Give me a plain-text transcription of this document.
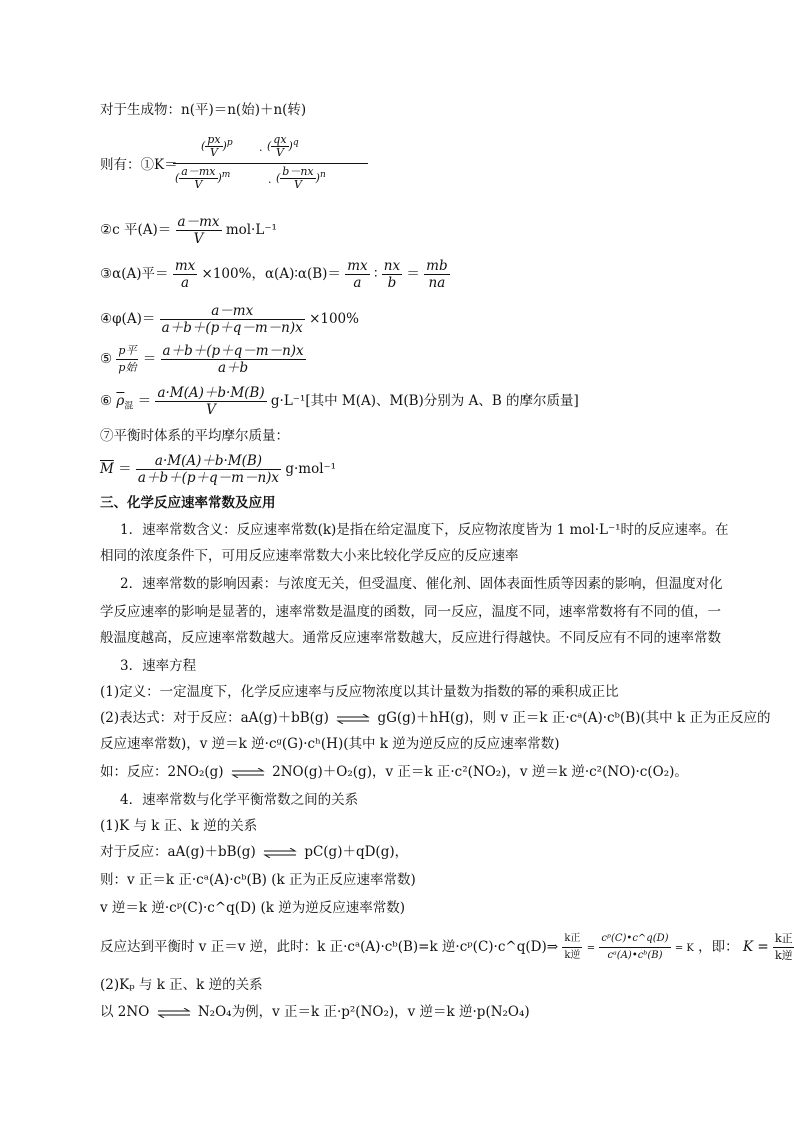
对于生成物：n(平)＝n(始)＋n(转)
则有：①K＝
( $\frac{px}{V} )^p$
· ( $\frac{qx}{V} )^q$
( $\frac{a-mx}{V} )^m$
· ( $\frac{b-nx}{V} )^n$
②c 平$(A)= \frac{a-mx}{V} mol\cdot L^{-1}$
③α(A)平＝ $\frac{mx}{a} \times 100\%$，α(A)∶α(B)＝ $\frac{mx}{a}$ ∶ $\frac{nx}{b} = \frac{mb}{na}$
④φ(A)＝ $\frac{a-mx}{a+b+(p+q-m-n)x} \times 100\%$
⑤ $\frac{\text{p平}}{\text{p始}} = \frac{a+b+(p+q-m-n)x}{a+b}$
⑥ $\overline{\rho}_混 = \frac{a\cdot M(A)+b\cdot M(B)}{V} g\cdot L^{-1}$[其中 M(A)、M(B)分别为 A、B 的摩尔质量]
⑦平衡时体系的平均摩尔质量：
$\overline{M} = \frac{a\cdot M(A)+b\cdot M(B)}{a+b+(p+q-m-n)x} g\cdot mol^{-1}$
三、化学反应速率常数及应用
1．速率常数含义：反应速率常数(k)是指在给定温度下，反应物浓度皆为 1 mol·L⁻¹时的反应速率。在
相同的浓度条件下，可用反应速率常数大小来比较化学反应的反应速率
2．速率常数的影响因素：与浓度无关，但受温度、催化剂、固体表面性质等因素的影响，但温度对化
学反应速率的影响是显著的，速率常数是温度的函数，同一反应，温度不同，速率常数将有不同的值，一
般温度越高，反应速率常数越大。通常反应速率常数越大，反应进行得越快。不同反应有不同的速率常数
3．速率方程
(1)定义：一定温度下，化学反应速率与反应物浓度以其计量数为指数的幂的乘积成正比
(2)表达式：对于反应：aA(g)＋bB(g) ⇌ gG(g)＋hH(g)，则 v 正＝k 正·cᵃ(A)·cᵇ(B)(其中 k 正为正反应的
反应速率常数)，v 逆＝k 逆·cᵍ(G)·cʰ(H)(其中 k 逆为逆反应的反应速率常数)
如：反应：2NO₂(g) ⇌ 2NO(g)＋O₂(g)，v 正＝k 正·c²(NO₂)，v 逆＝k 逆·c²(NO)·c(O₂)。
4．速率常数与化学平衡常数之间的关系
(1)K 与 k 正、k 逆的关系
对于反应：aA(g)＋bB(g) ⇌ pC(g)＋qD(g)，
则：v 正＝k 正·cᵃ(A)·cᵇ(B) (k 正为正反应速率常数)
v 逆＝k 逆·cᵖ(C)·c^q(D) (k 逆为逆反应速率常数)
反应达到平衡时 v 正＝v 逆，此时：k 正·cᵃ(A)·cᵇ(B)=k 逆·cᵖ(C)·c^q(D)⇒ $\frac{\text{k正}}{\text{k逆}} = \frac{\text{cᵖ(C)•c\textasciicircum{}q(D)}}{\text{cᵃ(A)•cᵇ(B)}} = K$ ，即： $K = \frac{\text{k正}}{\text{k逆}}$
(2)Kₚ 与 k 正、k 逆的关系
以 2NO ⇌ N₂O₄为例，v 正＝k 正·p²(NO₂)，v 逆＝k 逆·p(N₂O₄)
